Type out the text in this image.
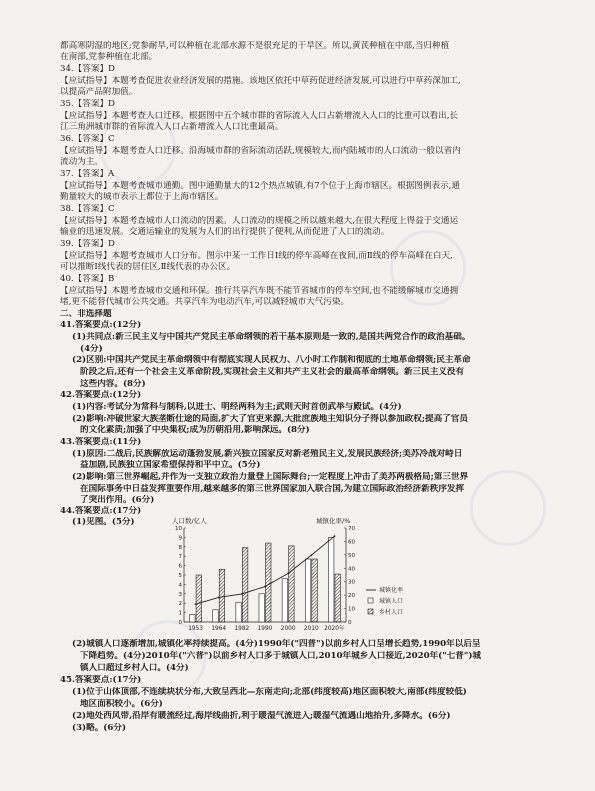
都高寒阴湿的地区;党参耐旱,可以种植在北部水源不是很充足的干旱区。所以,黄芪种植在中部,当归种植
在南部,党参种植在北部。
34.【答案】D
【应试指导】本题考查促进农业经济发展的措施。该地区依托中草药促进经济发展,可以进行中草药深加工,
以提高产品附加值。
35.【答案】D
【应试指导】本题考查人口迁移。根据图中五个城市群的省际流入人口占新增流入人口的比重可以看出,长
江三角洲城市群的省际流入人口占新增流入人口比重最高。
36.【答案】C
【应试指导】本题考查人口迁移。沿海城市群的省际流动活跃,规模较大,而内陆城市的人口流动一般以省内
流动为主。
37.【答案】A
【应试指导】本题考查城市通勤。图中通勤量大的12个热点城镇,有7个位于上海市辖区。根据图例表示,通
勤量较大的城市表示上都位于上海市辖区。
38.【答案】C
【应试指导】本题考查城市人口流动的因素。人口流动的规模之所以越来越大,在很大程度上得益于交通运
输业的迅速发展。交通运输业的发展为人们的出行提供了便利,从而促进了人口的流动。
39.【答案】D
【应试指导】本题考查城市人口分布。图示中某一工作日Ⅰ线的停车高峰在夜间,而Ⅱ线的停车高峰在白天,
可以推断Ⅰ线代表的居住区,Ⅱ线代表的办公区。
40.【答案】B
【应试指导】本题考查城市交通和环保。推行共享汽车既不能节省城市的停车空间,也不能缓解城市交通拥
堵,更不能替代城市公共交通。共享汽车为电动汽车,可以减轻城市大气污染。
二、非选择题
41.答案要点:(12分)
(1)共同点:新三民主义与中国共产党民主革命纲领的若干基本原则是一致的,是国共两党合作的政治基础。
(4分)
(2)区别:中国共产党民主革命纲领中有彻底实现人民权力、八小时工作制和彻底的土地革命纲领;民主革命
阶段之后,还有一个社会主义革命阶段,实现社会主义和共产主义社会的最高革命纲领。新三民主义没有
这些内容。(8分)
42.答案要点:(12分)
(1)内容:考试分为常科与制科,以进士、明经两科为主;武则天时首创武举与殿试。(4分)
(2)影响:冲破世家大族垄断仕途的局面,扩大了官吏来源,大批庶族地主知识分子得以参加政权;提高了官员
的文化素质;加强了中央集权;成为历朝沿用,影响深远。(8分)
43.答案要点:(11分)
(1)原因:二战后,民族解放运动蓬勃发展,新兴独立国家反对新老殖民主义,发展民族经济;美苏冷战对峙日
益加剧,民族独立国家希望保持和平中立。(5分)
(2)影响:第三世界崛起,并作为一支独立政治力量登上国际舞台;一定程度上冲击了美苏两极格局;第三世界
在国际事务中日益发挥重要作用,越来越多的第三世界国家加入联合国,为建立国际政治经济新秩序发挥
了突出作用。(6分)
44.答案要点:(17分)
(1)见图。(5分)	人口数/亿人	城镇化率/%
0
1
2
3
4
5
6
7
8
9
10
0
10
20
30
40
50
60
70
1953 1964 1982 1990 2000 2010 2020年
城镇化率
城镇人口
乡村人口
(2)城镇人口逐渐增加,城镇化率持续提高。(4分)1990年("四普")以前乡村人口呈增长趋势,1990年以后呈
下降趋势。(4分)2010年("六普")以前乡村人口多于城镇人口,2010年城乡人口接近,2020年("七普")城
镇人口超过乡村人口。(4分)
45.答案要点:(17分)
(1)位于山体顶部,不连续块状分布,大致呈西北—东南走向;北部(纬度较高)地区面积较大,南部(纬度较低)
地区面积较小。(6分)
(2)地处西风带,沿岸有暖流经过,海岸线曲折,利于暖湿气流进入;暖湿气流遇山地抬升,多降水。(6分)
(3)略。(6分)
